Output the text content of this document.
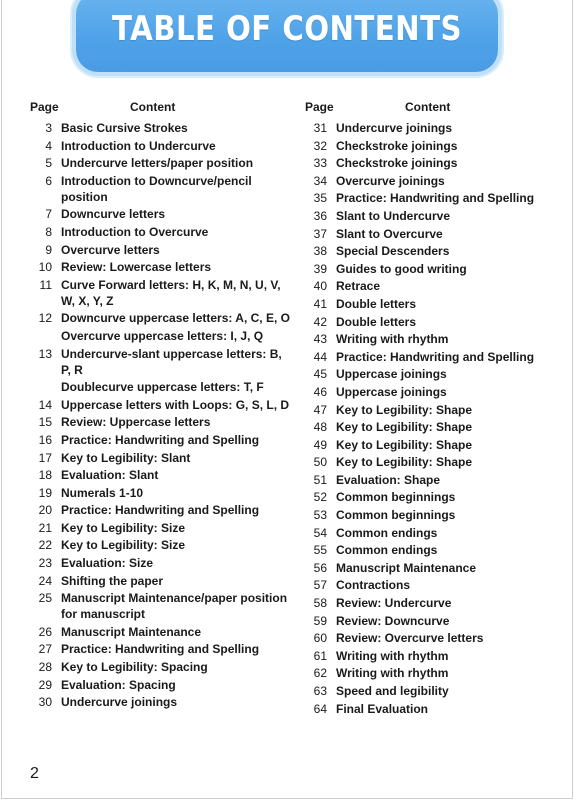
TABLE OF CONTENTS
Page	Content
3 Basic Cursive Strokes
4 Introduction to Undercurve
5 Undercurve letters/paper position
6 Introduction to Downcurve/pencil position
7 Downcurve letters
8 Introduction to Overcurve
9 Overcurve letters
10 Review: Lowercase letters
11 Curve Forward letters: H, K, M, N, U, V, W, X, Y, Z
12 Downcurve uppercase letters: A, C, E, O
Overcurve uppercase letters: I, J, Q
13 Undercurve-slant uppercase letters: B, P, R
Doublecurve uppercase letters: T, F
14 Uppercase letters with Loops: G, S, L, D
15 Review: Uppercase letters
16 Practice: Handwriting and Spelling
17 Key to Legibility: Slant
18 Evaluation: Slant
19 Numerals 1-10
20 Practice: Handwriting and Spelling
21 Key to Legibility: Size
22 Key to Legibility: Size
23 Evaluation: Size
24 Shifting the paper
25 Manuscript Maintenance/paper position for manuscript
26 Manuscript Maintenance
27 Practice: Handwriting and Spelling
28 Key to Legibility: Spacing
29 Evaluation: Spacing
30 Undercurve joinings
Page	Content
31 Undercurve joinings
32 Checkstroke joinings
33 Checkstroke joinings
34 Overcurve joinings
35 Practice: Handwriting and Spelling
36 Slant to Undercurve
37 Slant to Overcurve
38 Special Descenders
39 Guides to good writing
40 Retrace
41 Double letters
42 Double letters
43 Writing with rhythm
44 Practice: Handwriting and Spelling
45 Uppercase joinings
46 Uppercase joinings
47 Key to Legibility: Shape
48 Key to Legibility: Shape
49 Key to Legibility: Shape
50 Key to Legibility: Shape
51 Evaluation: Shape
52 Common beginnings
53 Common beginnings
54 Common endings
55 Common endings
56 Manuscript Maintenance
57 Contractions
58 Review: Undercurve
59 Review: Downcurve
60 Review: Overcurve letters
61 Writing with rhythm
62 Writing with rhythm
63 Speed and legibility
64 Final Evaluation
2
